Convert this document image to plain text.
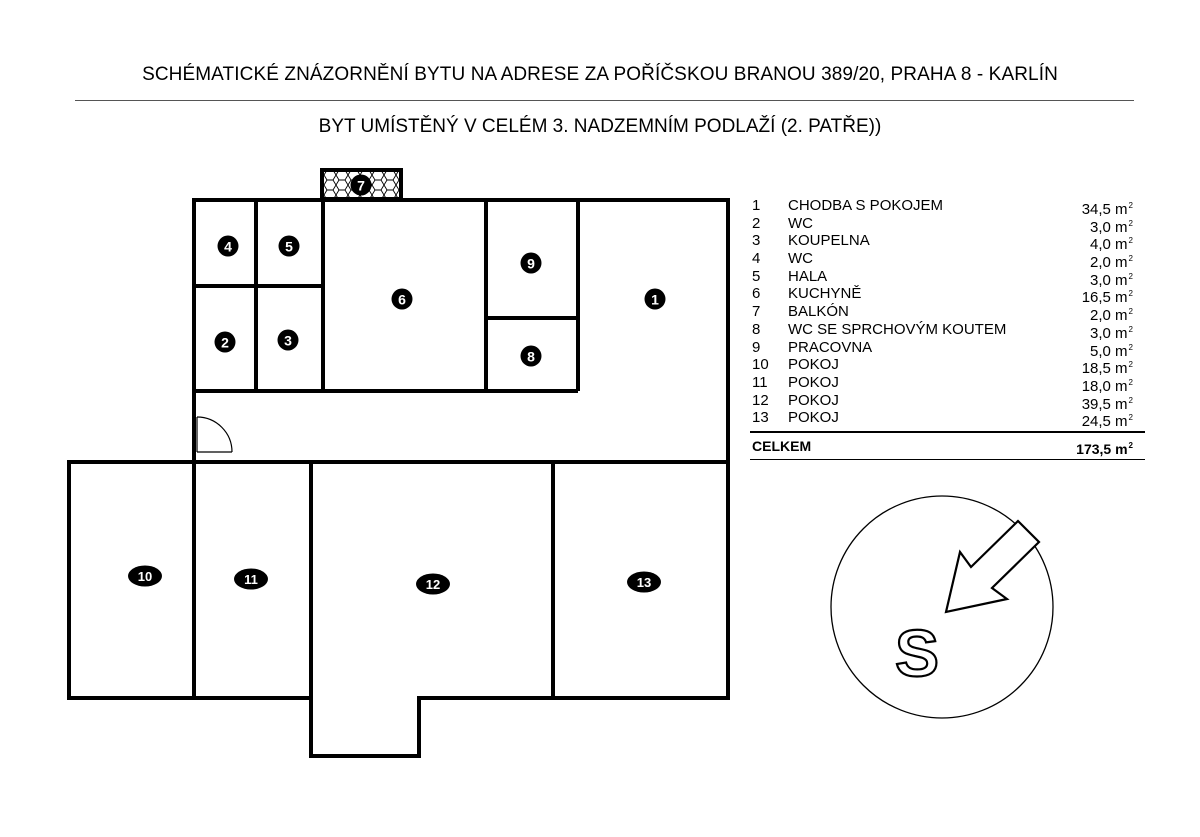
SCHÉMATICKÉ ZNÁZORNĚNÍ BYTU NA ADRESE ZA POŘÍČSKOU BRANOU 389/20, PRAHA 8 - KARLÍN
BYT UMÍSTĚNÝ V CELÉM 3. NADZEMNÍM PODLAŽÍ (2. PATŘE))
1
2	3
4	5
6
7
8
9
10	11	12	13
S
1 CHODBA S POKOJEM	34,5 $m^2$
2 WC	3,0 $m^2$
3 KOUPELNA	4,0 $m^2$
4 WC	2,0 $m^2$
5 HALA	3,0 $m^2$
6 KUCHYNĚ	16,5 $m^2$
7 BALKÓN	2,0 $m^2$
8 WC SE SPRCHOVÝM KOUTEM	3,0 $m^2$
9 PRACOVNA	5,0 $m^2$
10 POKOJ	18,5 $m^2$
11 POKOJ	18,0 $m^2$
12 POKOJ	39,5 $m^2$
13 POKOJ	24,5 $m^2$
CELKEM	173,5 $m^2$
